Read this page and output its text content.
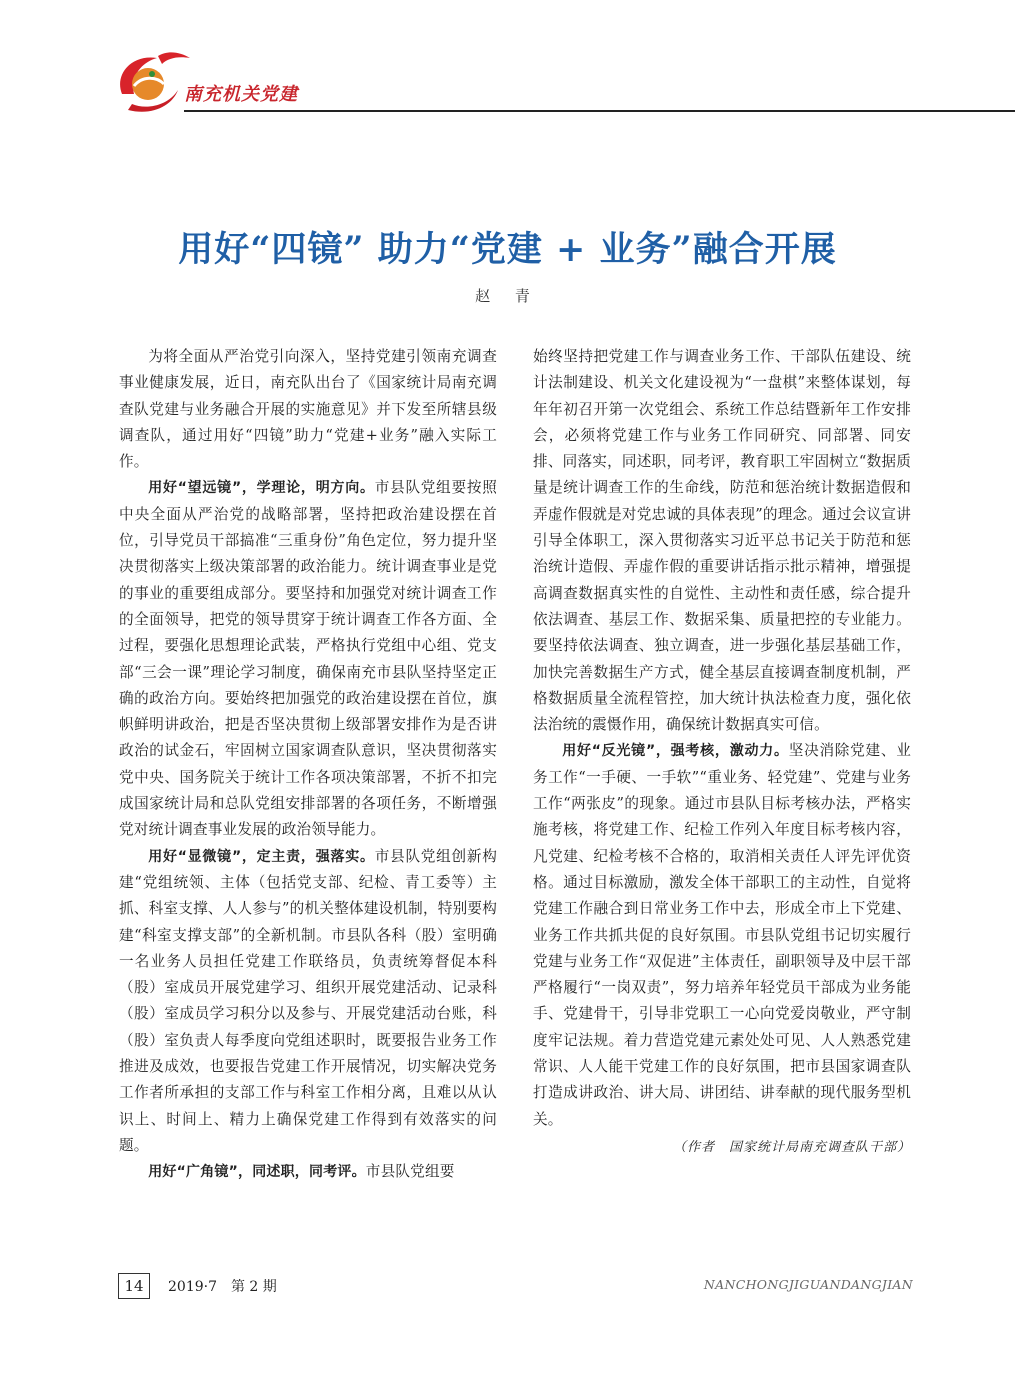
南充机关党建
用好“四镜” 助力“党建 + 业务”融合开展
赵 青

为将全面从严治党引向深入，坚持党建引领南充调查事业健康发展，近日，南充队出台了《国家统计局南充调查队党建与业务融合开展的实施意见》并下发至所辖县级调查队，通过用好“四镜”助力“党建+业务”融入实际工作。

用好“望远镜”，学理论，明方向。市县队党组要按照中央全面从严治党的战略部署，坚持把政治建设摆在首位，引导党员干部搞准“三重身份”角色定位，努力提升坚决贯彻落实上级决策部署的政治能力。统计调查事业是党的事业的重要组成部分。要坚持和加强党对统计调查工作的全面领导，把党的领导贯穿于统计调查工作各方面、全过程，要强化思想理论武装，严格执行党组中心组、党支部“三会一课”理论学习制度，确保南充市县队坚持坚定正确的政治方向。要始终把加强党的政治建设摆在首位，旗帜鲜明讲政治，把是否坚决贯彻上级部署安排作为是否讲政治的试金石，牢固树立国家调查队意识，坚决贯彻落实党中央、国务院关于统计工作各项决策部署，不折不扣完成国家统计局和总队党组安排部署的各项任务，不断增强党对统计调查事业发展的政治领导能力。

用好“显微镜”，定主责，强落实。市县队党组创新构建“党组统领、主体（包括党支部、纪检、青工委等）主抓、科室支撑、人人参与”的机关整体建设机制，特别要构建“科室支撑支部”的全新机制。市县队各科（股）室明确一名业务人员担任党建工作联络员，负责统筹督促本科（股）室成员开展党建学习、组织开展党建活动、记录科（股）室成员学习积分以及参与、开展党建活动台账，科（股）室负责人每季度向党组述职时，既要报告业务工作推进及成效，也要报告党建工作开展情况，切实解决党务工作者所承担的支部工作与科室工作相分离，且难以从认识上、时间上、精力上确保党建工作得到有效落实的问题。

用好“广角镜”，同述职，同考评。市县队党组要

始终坚持把党建工作与调查业务工作、干部队伍建设、统计法制建设、机关文化建设视为“一盘棋”来整体谋划，每年年初召开第一次党组会、系统工作总结暨新年工作安排会，必须将党建工作与业务工作同研究、同部署、同安排、同落实，同述职，同考评，教育职工牢固树立“数据质量是统计调查工作的生命线，防范和惩治统计数据造假和弄虚作假就是对党忠诚的具体表现”的理念。通过会议宣讲引导全体职工，深入贯彻落实习近平总书记关于防范和惩治统计造假、弄虚作假的重要讲话指示批示精神，增强提高调查数据真实性的自觉性、主动性和责任感，综合提升依法调查、基层工作、数据采集、质量把控的专业能力。要坚持依法调查、独立调查，进一步强化基层基础工作，加快完善数据生产方式，健全基层直接调查制度机制，严格数据质量全流程管控，加大统计执法检查力度，强化依法治统的震慑作用，确保统计数据真实可信。

用好“反光镜”，强考核，激动力。坚决消除党建、业务工作“一手硬、一手软”“重业务、轻党建”、党建与业务工作“两张皮”的现象。通过市县队目标考核办法，严格实施考核，将党建工作、纪检工作列入年度目标考核内容，凡党建、纪检考核不合格的，取消相关责任人评先评优资格。通过目标激励，激发全体干部职工的主动性，自觉将党建工作融合到日常业务工作中去，形成全市上下党建、业务工作共抓共促的良好氛围。市县队党组书记切实履行党建与业务工作“双促进”主体责任，副职领导及中层干部严格履行“一岗双责”，努力培养年轻党员干部成为业务能手、党建骨干，引导非党职工一心向党爱岗敬业，严守制度牢记法规。着力营造党建元素处处可见、人人熟悉党建常识、人人能干党建工作的良好氛围，把市县国家调查队打造成讲政治、讲大局、讲团结、讲奉献的现代服务型机关。

（作者　国家统计局南充调查队干部）
14	2019·7　第 2 期	NANCHONGJIGUANDANGJIAN
